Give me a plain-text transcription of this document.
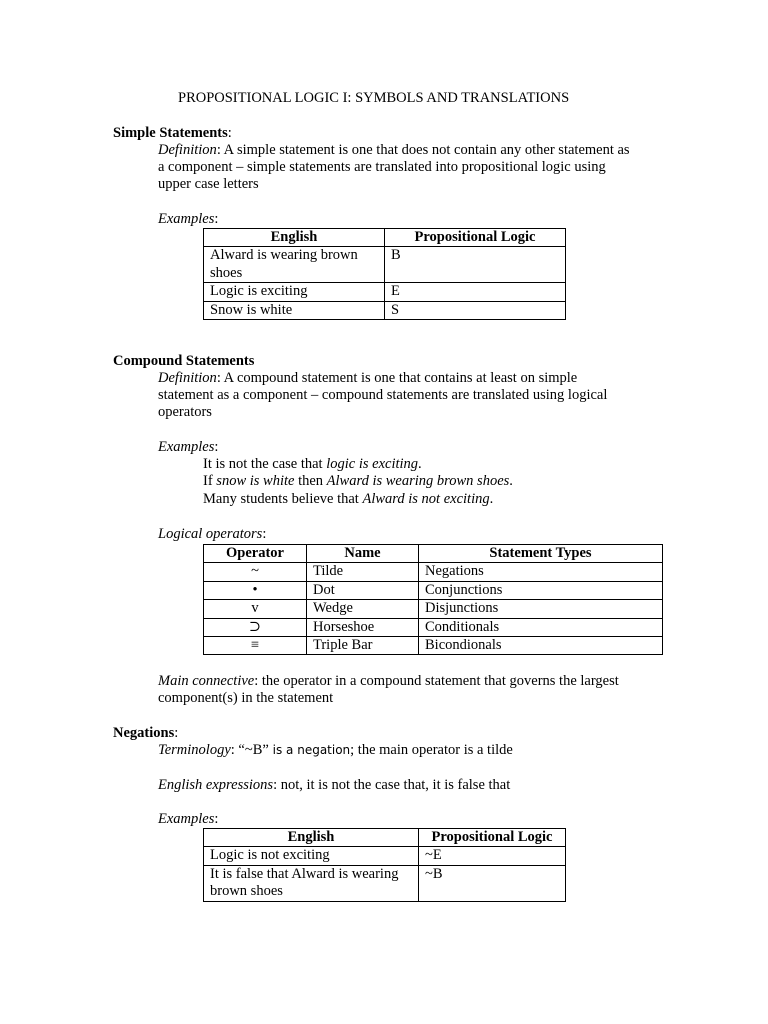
PROPOSITIONAL LOGIC I: SYMBOLS AND TRANSLATIONS
Simple Statements:
Definition: A simple statement is one that does not contain any other statement as
a component – simple statements are translated into propositional logic using
upper case letters
Examples:
English	Propositional Logic
Alward is wearing brown
shoes	B
Logic is exciting	E
Snow is white	S
Compound Statements
Definition: A compound statement is one that contains at least on simple
statement as a component – compound statements are translated using logical
operators
Examples:
It is not the case that logic is exciting.
If snow is white then Alward is wearing brown shoes.
Many students believe that Alward is not exciting.
Logical operators:
Operator	Name	Statement Types
~	Tilde	Negations
•	Dot	Conjunctions
v	Wedge	Disjunctions
⊃	Horseshoe	Conditionals
≡	Triple Bar	Bicondionals
Main connective: the operator in a compound statement that governs the largest
component(s) in the statement
Negations:
Terminology: “~B” is a negation; the main operator is a tilde
English expressions: not, it is not the case that, it is false that
Examples:
English	Propositional Logic
Logic is not exciting	~E
It is false that Alward is wearing
brown shoes	~B
